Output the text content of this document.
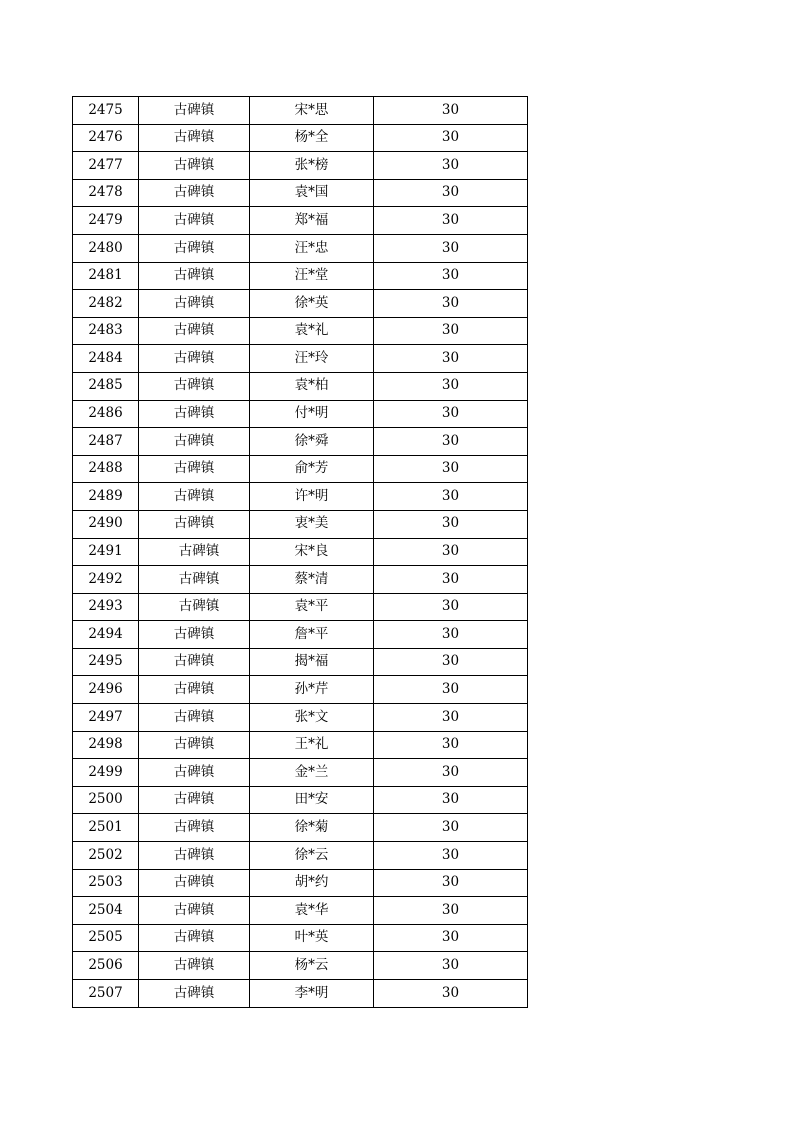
2475	古碑镇	宋*思	30
2476	古碑镇	杨*全	30
2477	古碑镇	张*榜	30
2478	古碑镇	袁*国	30
2479	古碑镇	郑*福	30
2480	古碑镇	汪*忠	30
2481	古碑镇	汪*堂	30
2482	古碑镇	徐*英	30
2483	古碑镇	袁*礼	30
2484	古碑镇	汪*玲	30
2485	古碑镇	袁*柏	30
2486	古碑镇	付*明	30
2487	古碑镇	徐*舜	30
2488	古碑镇	俞*芳	30
2489	古碑镇	许*明	30
2490	古碑镇	衷*美	30
2491	古碑镇	宋*良	30
2492	古碑镇	蔡*清	30
2493	古碑镇	袁*平	30
2494	古碑镇	詹*平	30
2495	古碑镇	揭*福	30
2496	古碑镇	孙*芹	30
2497	古碑镇	张*文	30
2498	古碑镇	王*礼	30
2499	古碑镇	金*兰	30
2500	古碑镇	田*安	30
2501	古碑镇	徐*菊	30
2502	古碑镇	徐*云	30
2503	古碑镇	胡*约	30
2504	古碑镇	袁*华	30
2505	古碑镇	叶*英	30
2506	古碑镇	杨*云	30
2507	古碑镇	李*明	30
